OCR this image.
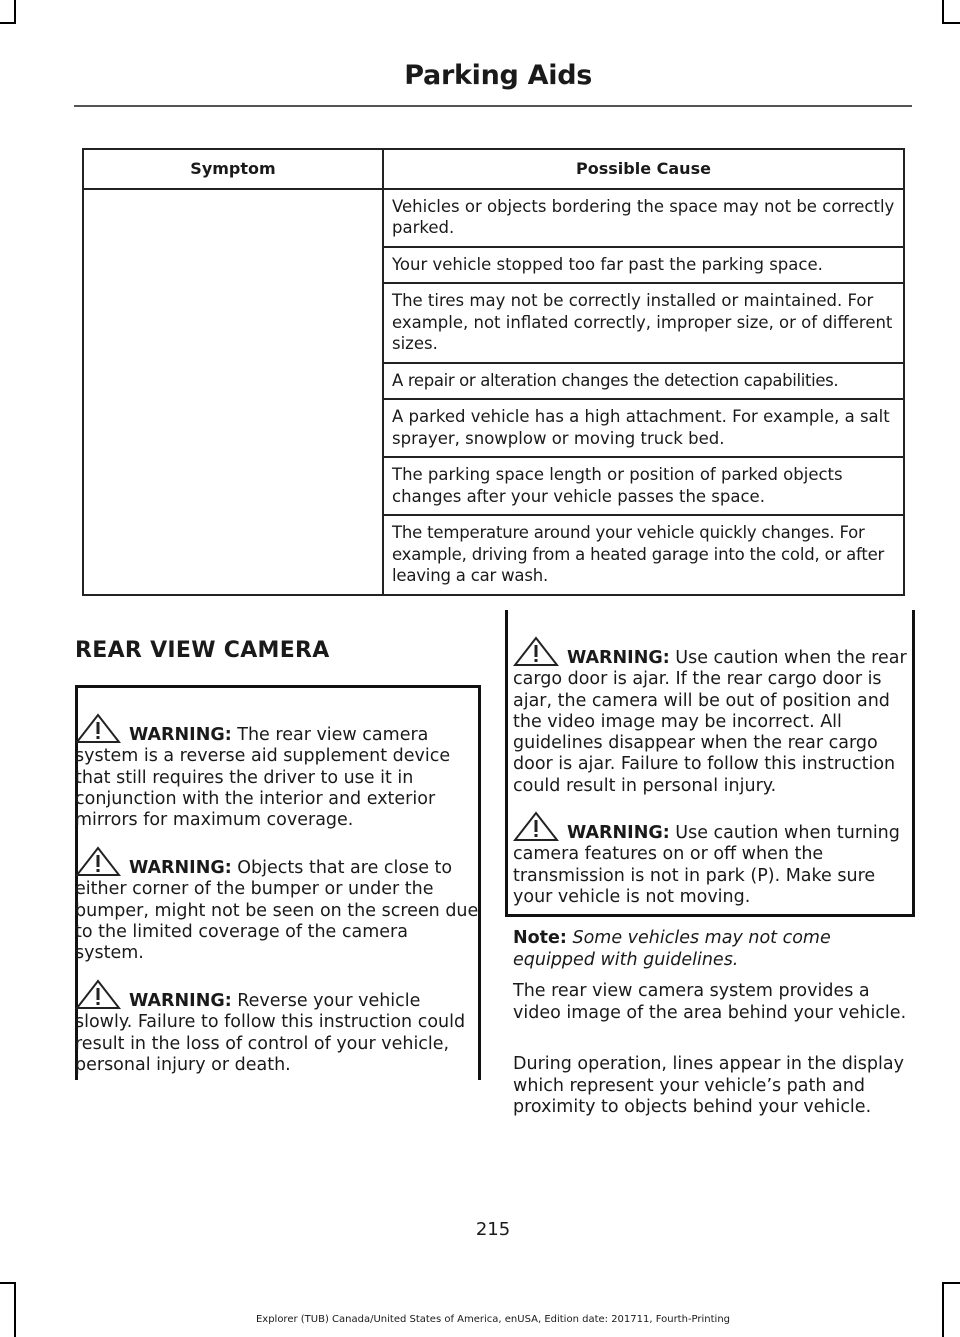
Parking Aids
Symptom	Possible Cause
	Vehicles or objects bordering the space may not be correctly parked.
	Your vehicle stopped too far past the parking space.
	The tires may not be correctly installed or maintained. For example, not inflated correctly, improper size, or of different sizes.
	A repair or alteration changes the detection capabilities.
	A parked vehicle has a high attachment. For example, a salt sprayer, snowplow or moving truck bed.
	The parking space length or position of parked objects changes after your vehicle passes the space.
	The temperature around your vehicle quickly changes. For example, driving from a heated garage into the cold, or after leaving a car wash.
REAR VIEW CAMERA
WARNING: The rear view camera system is a reverse aid supplement device that still requires the driver to use it in conjunction with the interior and exterior mirrors for maximum coverage.
WARNING: Objects that are close to either corner of the bumper or under the bumper, might not be seen on the screen due to the limited coverage of the camera system.
WARNING: Reverse your vehicle slowly. Failure to follow this instruction could result in the loss of control of your vehicle, personal injury or death.
WARNING: Use caution when the rear cargo door is ajar. If the rear cargo door is ajar, the camera will be out of position and the video image may be incorrect. All guidelines disappear when the rear cargo door is ajar. Failure to follow this instruction could result in personal injury.
WARNING: Use caution when turning camera features on or off when the transmission is not in park (P). Make sure your vehicle is not moving.
Note: Some vehicles may not come equipped with guidelines.
The rear view camera system provides a video image of the area behind your vehicle.
During operation, lines appear in the display which represent your vehicle’s path and proximity to objects behind your vehicle.
215
Explorer (TUB) Canada/United States of America, enUSA, Edition date: 201711, Fourth-Printing
